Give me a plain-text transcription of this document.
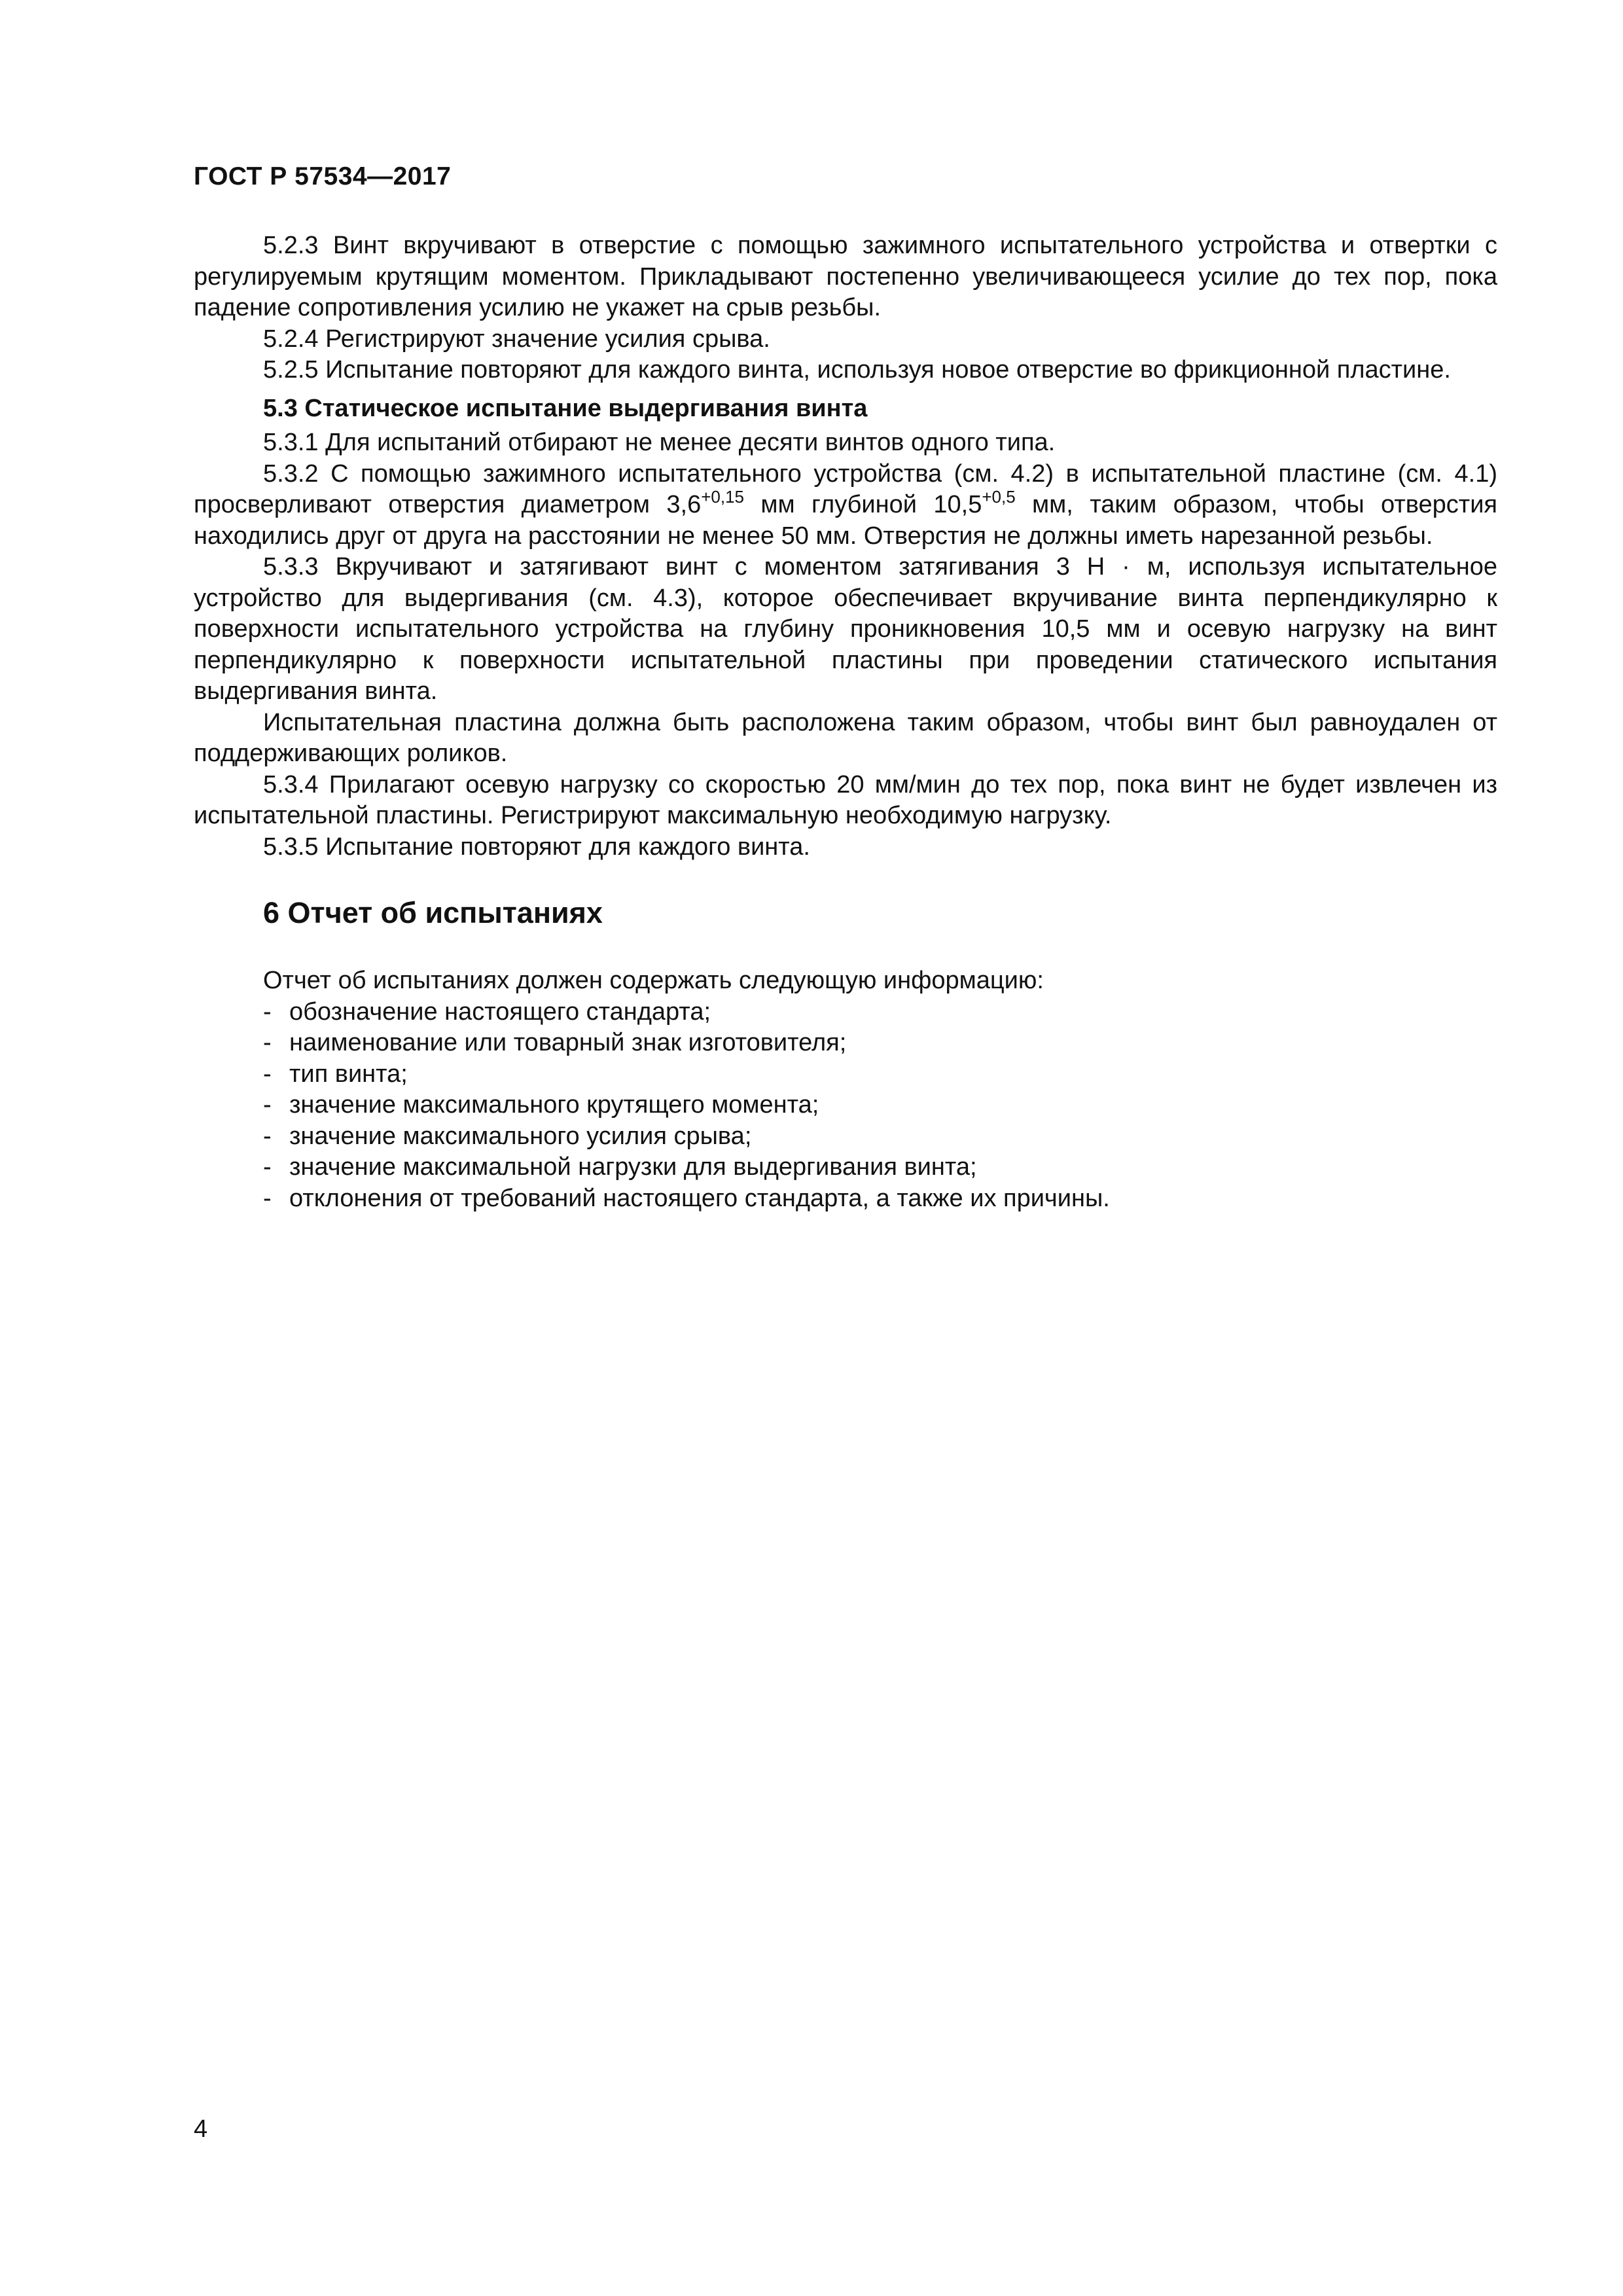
ГОСТ Р 57534—2017

5.2.3 Винт вкручивают в отверстие с помощью зажимного испытательного устройства и отвертки с регулируемым крутящим моментом. Прикладывают постепенно увеличивающееся усилие до тех пор, пока падение сопротивления усилию не укажет на срыв резьбы.

5.2.4 Регистрируют значение усилия срыва.

5.2.5 Испытание повторяют для каждого винта, используя новое отверстие во фрикционной пластине.

5.3 Статическое испытание выдергивания винта

5.3.1 Для испытаний отбирают не менее десяти винтов одного типа.

5.3.2 С помощью зажимного испытательного устройства (см. 4.2) в испытательной пластине (см. 4.1) просверливают отверстия диаметром $3,6^{+0,15}$ мм глубиной $10,5^{+0,5}$ мм, таким образом, чтобы отверстия находились друг от друга на расстоянии не менее 50 мм. Отверстия не должны иметь нарезанной резьбы.

5.3.3 Вкручивают и затягивают винт с моментом затягивания 3 Н · м, используя испытательное устройство для выдергивания (см. 4.3), которое обеспечивает вкручивание винта перпендикулярно к поверхности испытательного устройства на глубину проникновения 10,5 мм и осевую нагрузку на винт перпендикулярно к поверхности испытательной пластины при проведении статического испытания выдергивания винта.

Испытательная пластина должна быть расположена таким образом, чтобы винт был равноудален от поддерживающих роликов.

5.3.4 Прилагают осевую нагрузку со скоростью 20 мм/мин до тех пор, пока винт не будет извлечен из испытательной пластины. Регистрируют максимальную необходимую нагрузку.

5.3.5 Испытание повторяют для каждого винта.

6 Отчет об испытаниях

Отчет об испытаниях должен содержать следующую информацию:

- обозначение настоящего стандарта;
- наименование или товарный знак изготовителя;
- тип винта;
- значение максимального крутящего момента;
- значение максимального усилия срыва;
- значение максимальной нагрузки для выдергивания винта;
- отклонения от требований настоящего стандарта, а также их причины.
4
